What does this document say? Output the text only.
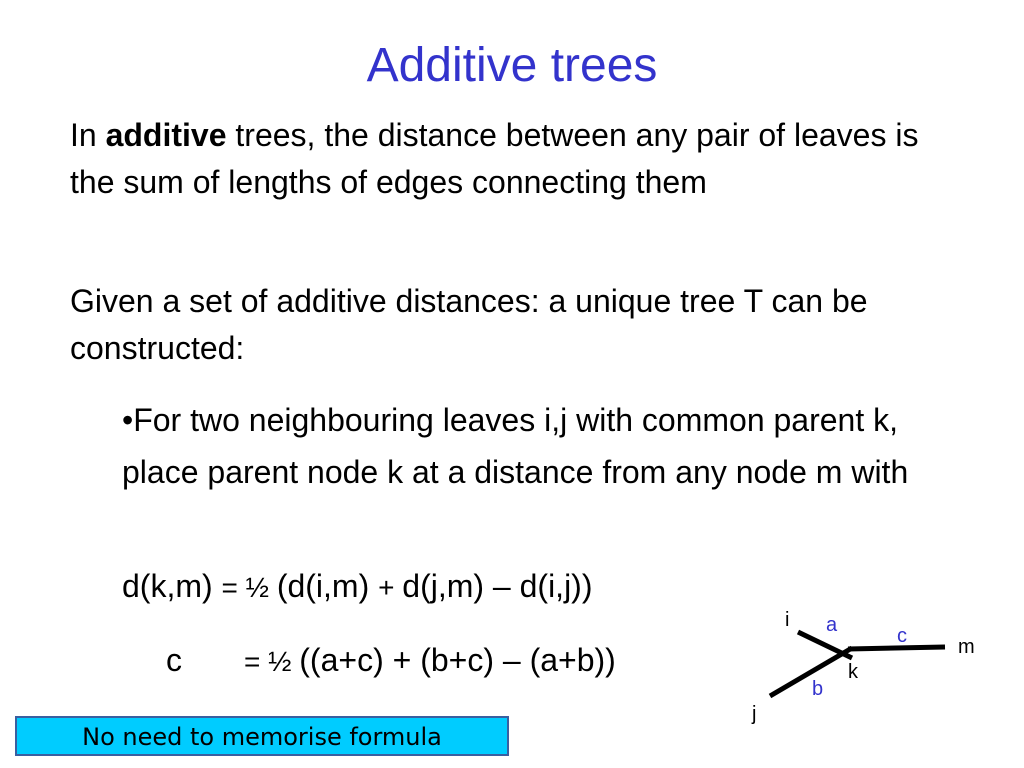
Additive trees
In additive trees, the distance between any pair of leaves is the sum of lengths of edges connecting them
Given a set of additive distances: a unique tree T can be constructed:
•For two neighbouring leaves i,j with common parent k, place parent node k at a distance from any node m with
d(k,m) = ½ (d(i,m) + d(j,m) – d(i,j))
c = ½ ((a+c) + (b+c) – (a+b))
i
j
k
m
a
b
c
No need to memorise formula
